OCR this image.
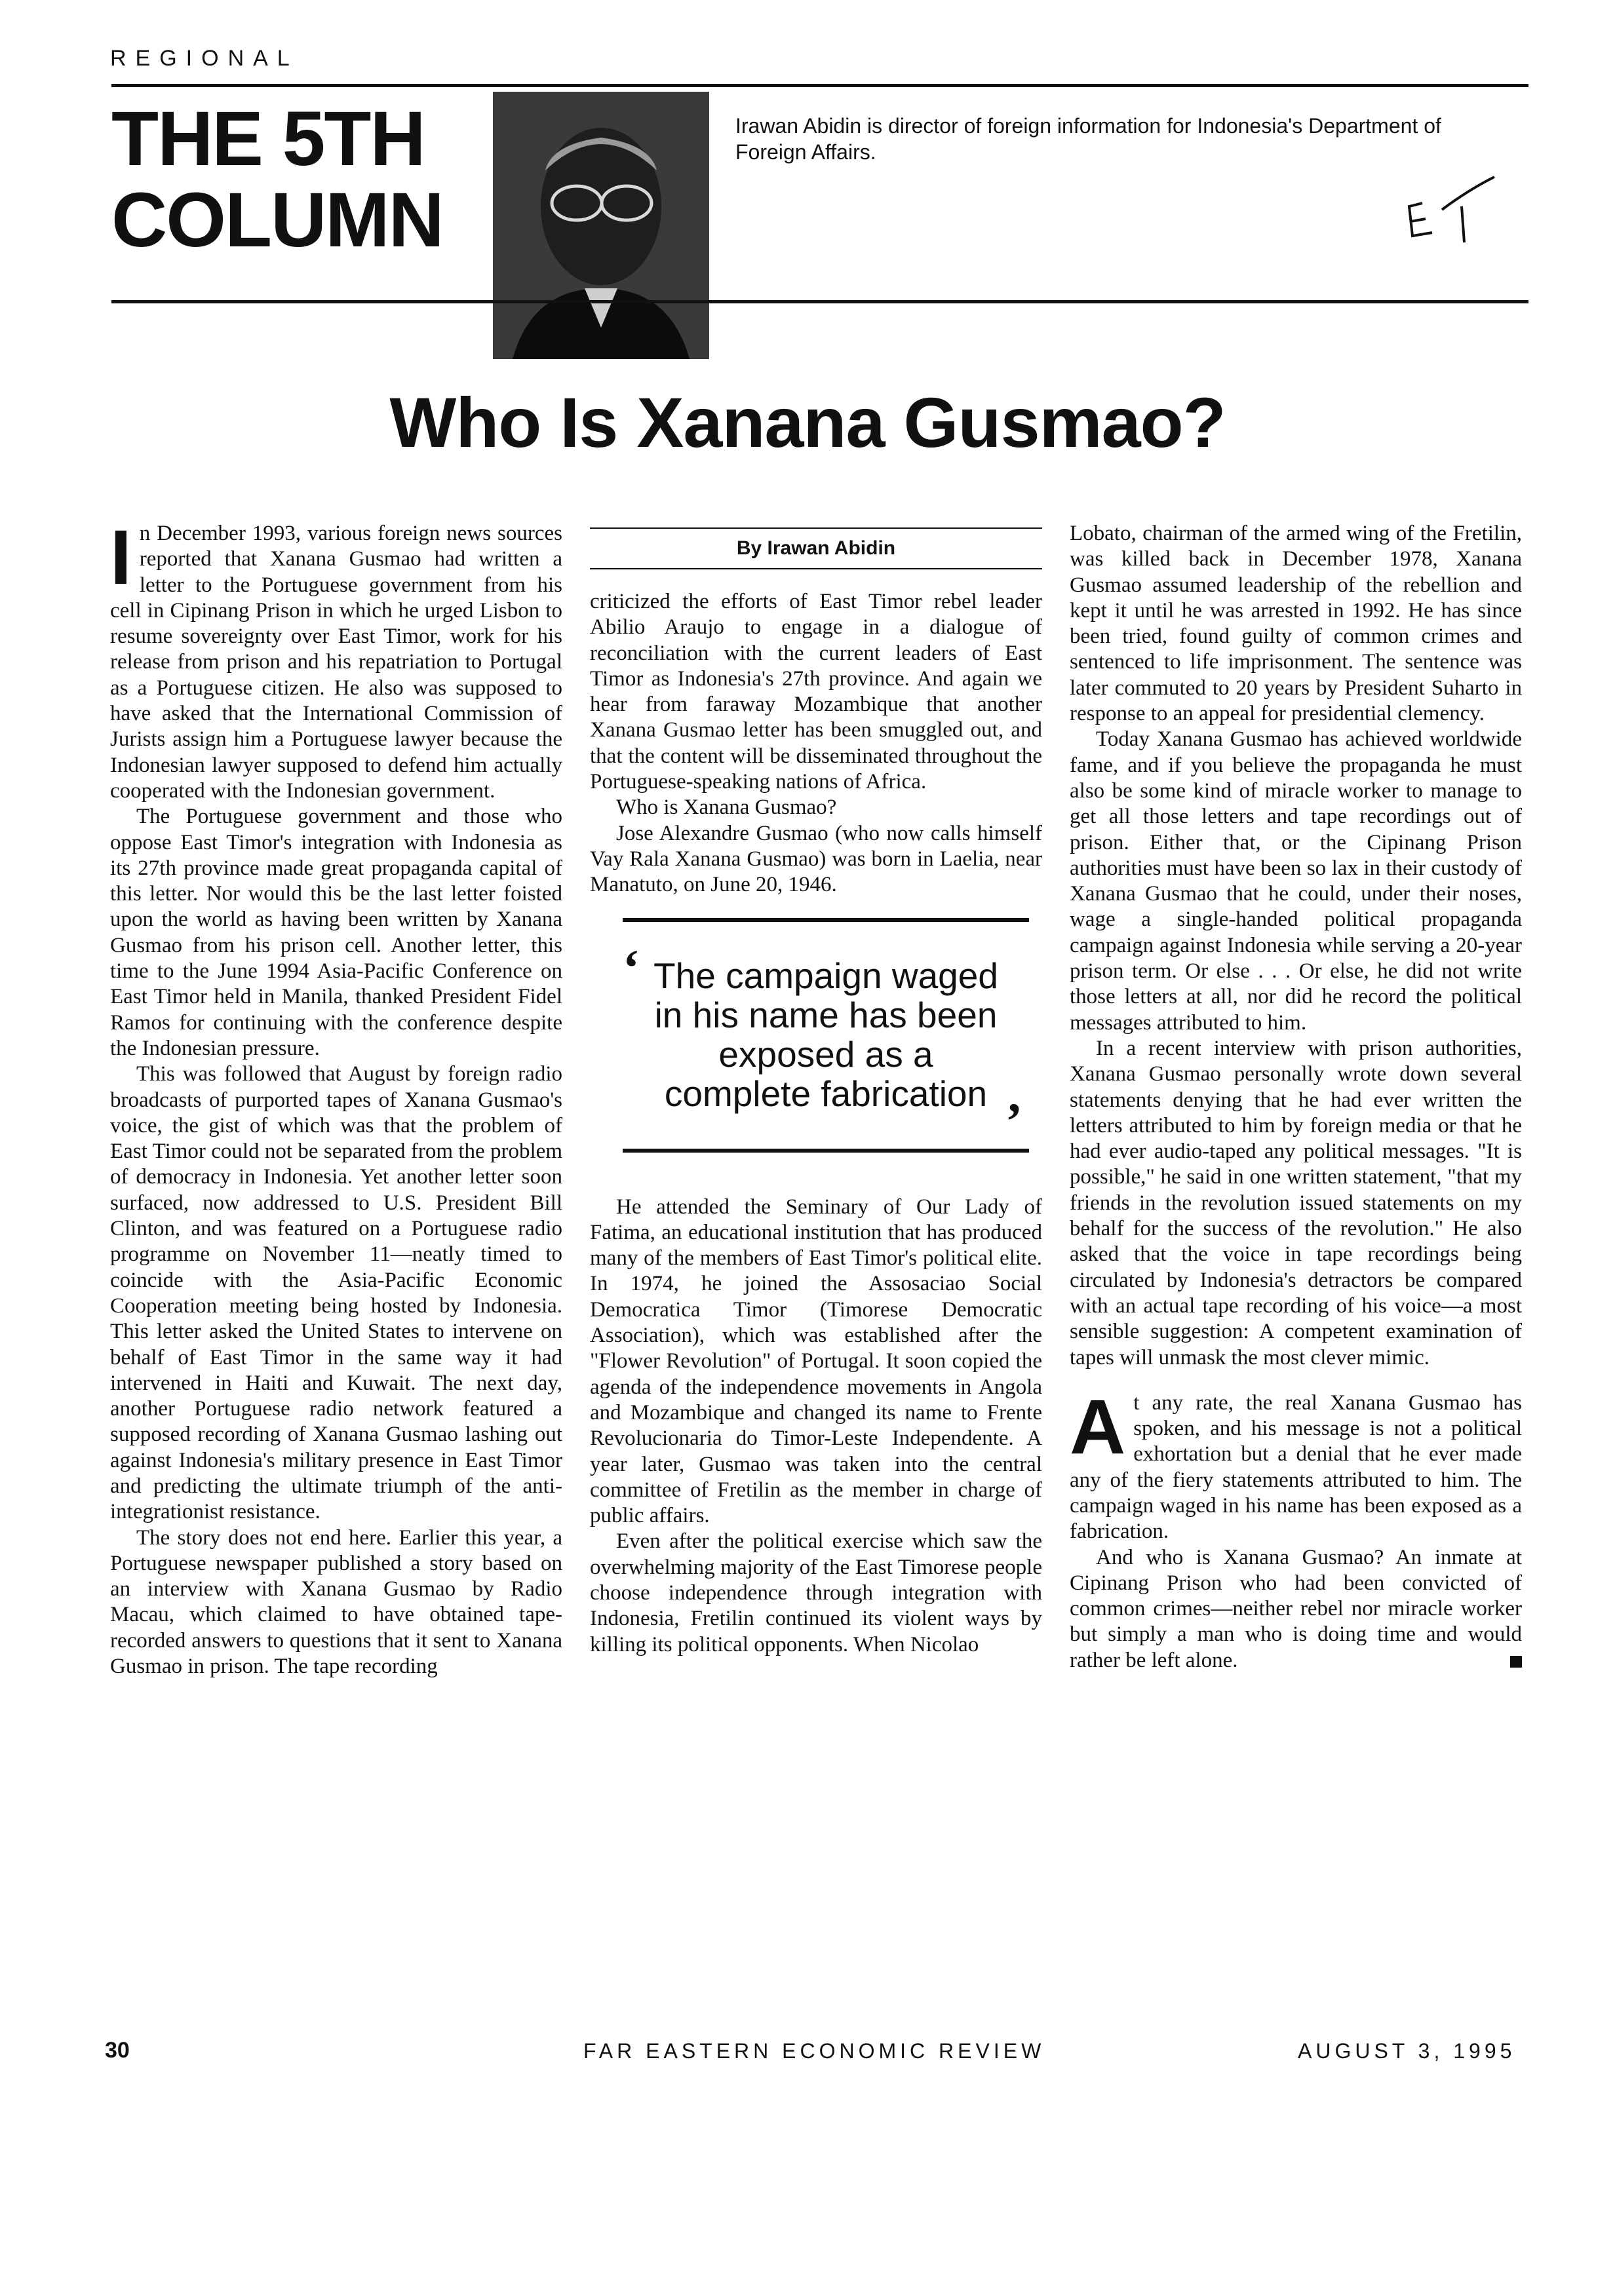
REGIONAL
THE 5TH
COLUMN
Irawan Abidin is director of foreign information for Indonesia's Department of Foreign Affairs.
Who Is Xanana Gusmao?

In December 1993, various foreign news sources reported that Xanana Gusmao had written a letter to the Portuguese government from his cell in Cipinang Prison in which he urged Lisbon to resume sovereignty over East Timor, work for his release from prison and his repatriation to Portugal as a Portuguese citizen. He also was supposed to have asked that the International Commission of Jurists assign him a Portuguese lawyer because the Indonesian lawyer supposed to defend him actually cooperated with the Indonesian government.

The Portuguese government and those who oppose East Timor's integration with Indonesia as its 27th province made great propaganda capital of this letter. Nor would this be the last letter foisted upon the world as having been written by Xanana Gusmao from his prison cell. Another letter, this time to the June 1994 Asia-Pacific Conference on East Timor held in Manila, thanked President Fidel Ramos for continuing with the conference despite the Indonesian pressure.

This was followed that August by foreign radio broadcasts of purported tapes of Xanana Gusmao's voice, the gist of which was that the problem of East Timor could not be separated from the problem of democracy in Indonesia. Yet another letter soon surfaced, now addressed to U.S. President Bill Clinton, and was featured on a Portuguese radio programme on November 11—neatly timed to coincide with the Asia-Pacific Economic Cooperation meeting being hosted by Indonesia. This letter asked the United States to intervene on behalf of East Timor in the same way it had intervened in Haiti and Kuwait. The next day, another Portuguese radio network featured a supposed recording of Xanana Gusmao lashing out against Indonesia's military presence in East Timor and predicting the ultimate triumph of the anti-integrationist resistance.

The story does not end here. Earlier this year, a Portuguese newspaper published a story based on an interview with Xanana Gusmao by Radio Macau, which claimed to have obtained tape-recorded answers to questions that it sent to Xanana Gusmao in prison. The tape recording

By Irawan Abidin

criticized the efforts of East Timor rebel leader Abilio Araujo to engage in a dialogue of reconciliation with the current leaders of East Timor as Indonesia's 27th province. And again we hear from faraway Mozambique that another Xanana Gusmao letter has been smuggled out, and that the content will be disseminated throughout the Portuguese-speaking nations of Africa.

Who is Xanana Gusmao?

Jose Alexandre Gusmao (who now calls himself Vay Rala Xanana Gusmao) was born in Laelia, near Manatuto, on June 20, 1946.

‘ The campaign waged in his name has been exposed as a complete fabrication ’

He attended the Seminary of Our Lady of Fatima, an educational institution that has produced many of the members of East Timor's political elite. In 1974, he joined the Assosaciao Social Democratica Timor (Timorese Democratic Association), which was established after the "Flower Revolution" of Portugal. It soon copied the agenda of the independence movements in Angola and Mozambique and changed its name to Frente Revolucionaria do Timor-Leste Independente. A year later, Gusmao was taken into the central committee of Fretilin as the member in charge of public affairs.

Even after the political exercise which saw the overwhelming majority of the East Timorese people choose independence through integration with Indonesia, Fretilin continued its violent ways by killing its political opponents. When Nicolao

Lobato, chairman of the armed wing of the Fretilin, was killed back in December 1978, Xanana Gusmao assumed leadership of the rebellion and kept it until he was arrested in 1992. He has since been tried, found guilty of common crimes and sentenced to life imprisonment. The sentence was later commuted to 20 years by President Suharto in response to an appeal for presidential clemency.

Today Xanana Gusmao has achieved worldwide fame, and if you believe the propaganda he must also be some kind of miracle worker to manage to get all those letters and tape recordings out of prison. Either that, or the Cipinang Prison authorities must have been so lax in their custody of Xanana Gusmao that he could, under their noses, wage a single-handed political propaganda campaign against Indonesia while serving a 20-year prison term. Or else . . . Or else, he did not write those letters at all, nor did he record the political messages attributed to him.

In a recent interview with prison authorities, Xanana Gusmao personally wrote down several statements denying that he had ever written the letters attributed to him by foreign media or that he had ever audio-taped any political messages. "It is possible," he said in one written statement, "that my friends in the revolution issued statements on my behalf for the success of the revolution." He also asked that the voice in tape recordings being circulated by Indonesia's detractors be compared with an actual tape recording of his voice—a most sensible suggestion: A competent examination of tapes will unmask the most clever mimic.

At any rate, the real Xanana Gusmao has spoken, and his message is not a political exhortation but a denial that he ever made any of the fiery statements attributed to him. The campaign waged in his name has been exposed as a fabrication.

And who is Xanana Gusmao? An inmate at Cipinang Prison who had been convicted of common crimes—neither rebel nor miracle worker but simply a man who is doing time and would rather be left alone.

30	FAR EASTERN ECONOMIC REVIEW	AUGUST 3, 1995
